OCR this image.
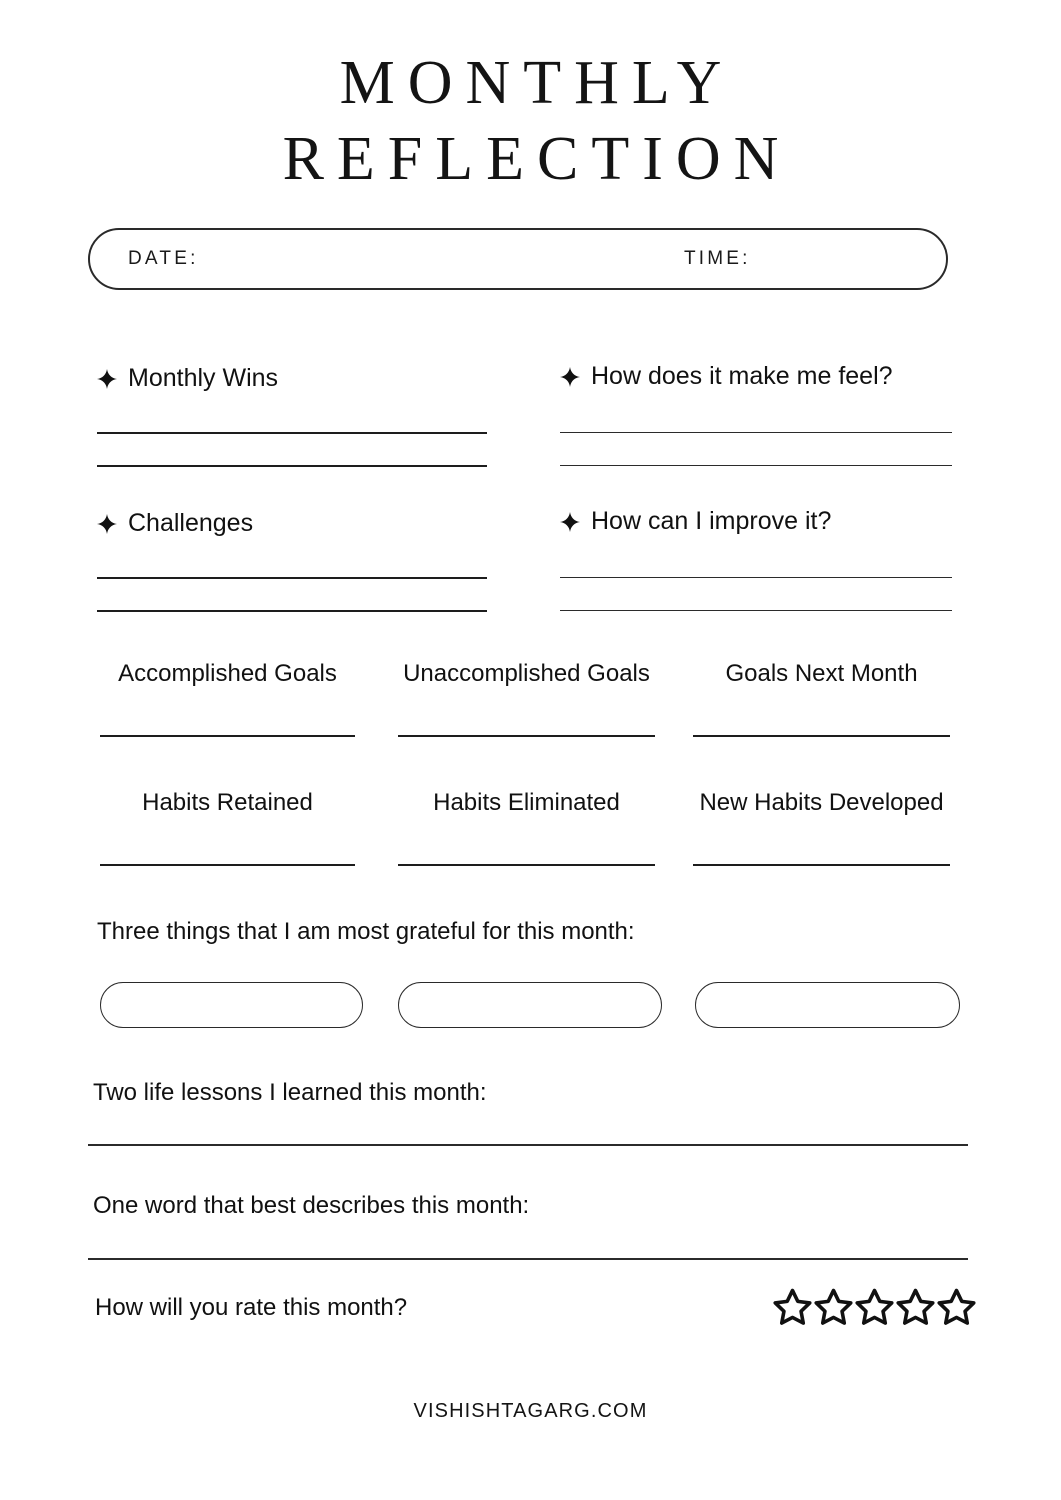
MONTHLY
REFLECTION
DATE:	TIME:
Monthly Wins	How does it make me feel?
Challenges	How can I improve it?
Accomplished Goals	Unaccomplished Goals	Goals Next Month
Habits Retained	Habits Eliminated	New Habits Developed
Three things that I am most grateful for this month:
Two life lessons I learned this month:
One word that best describes this month:
How will you rate this month?
VISHISHTAGARG.COM
